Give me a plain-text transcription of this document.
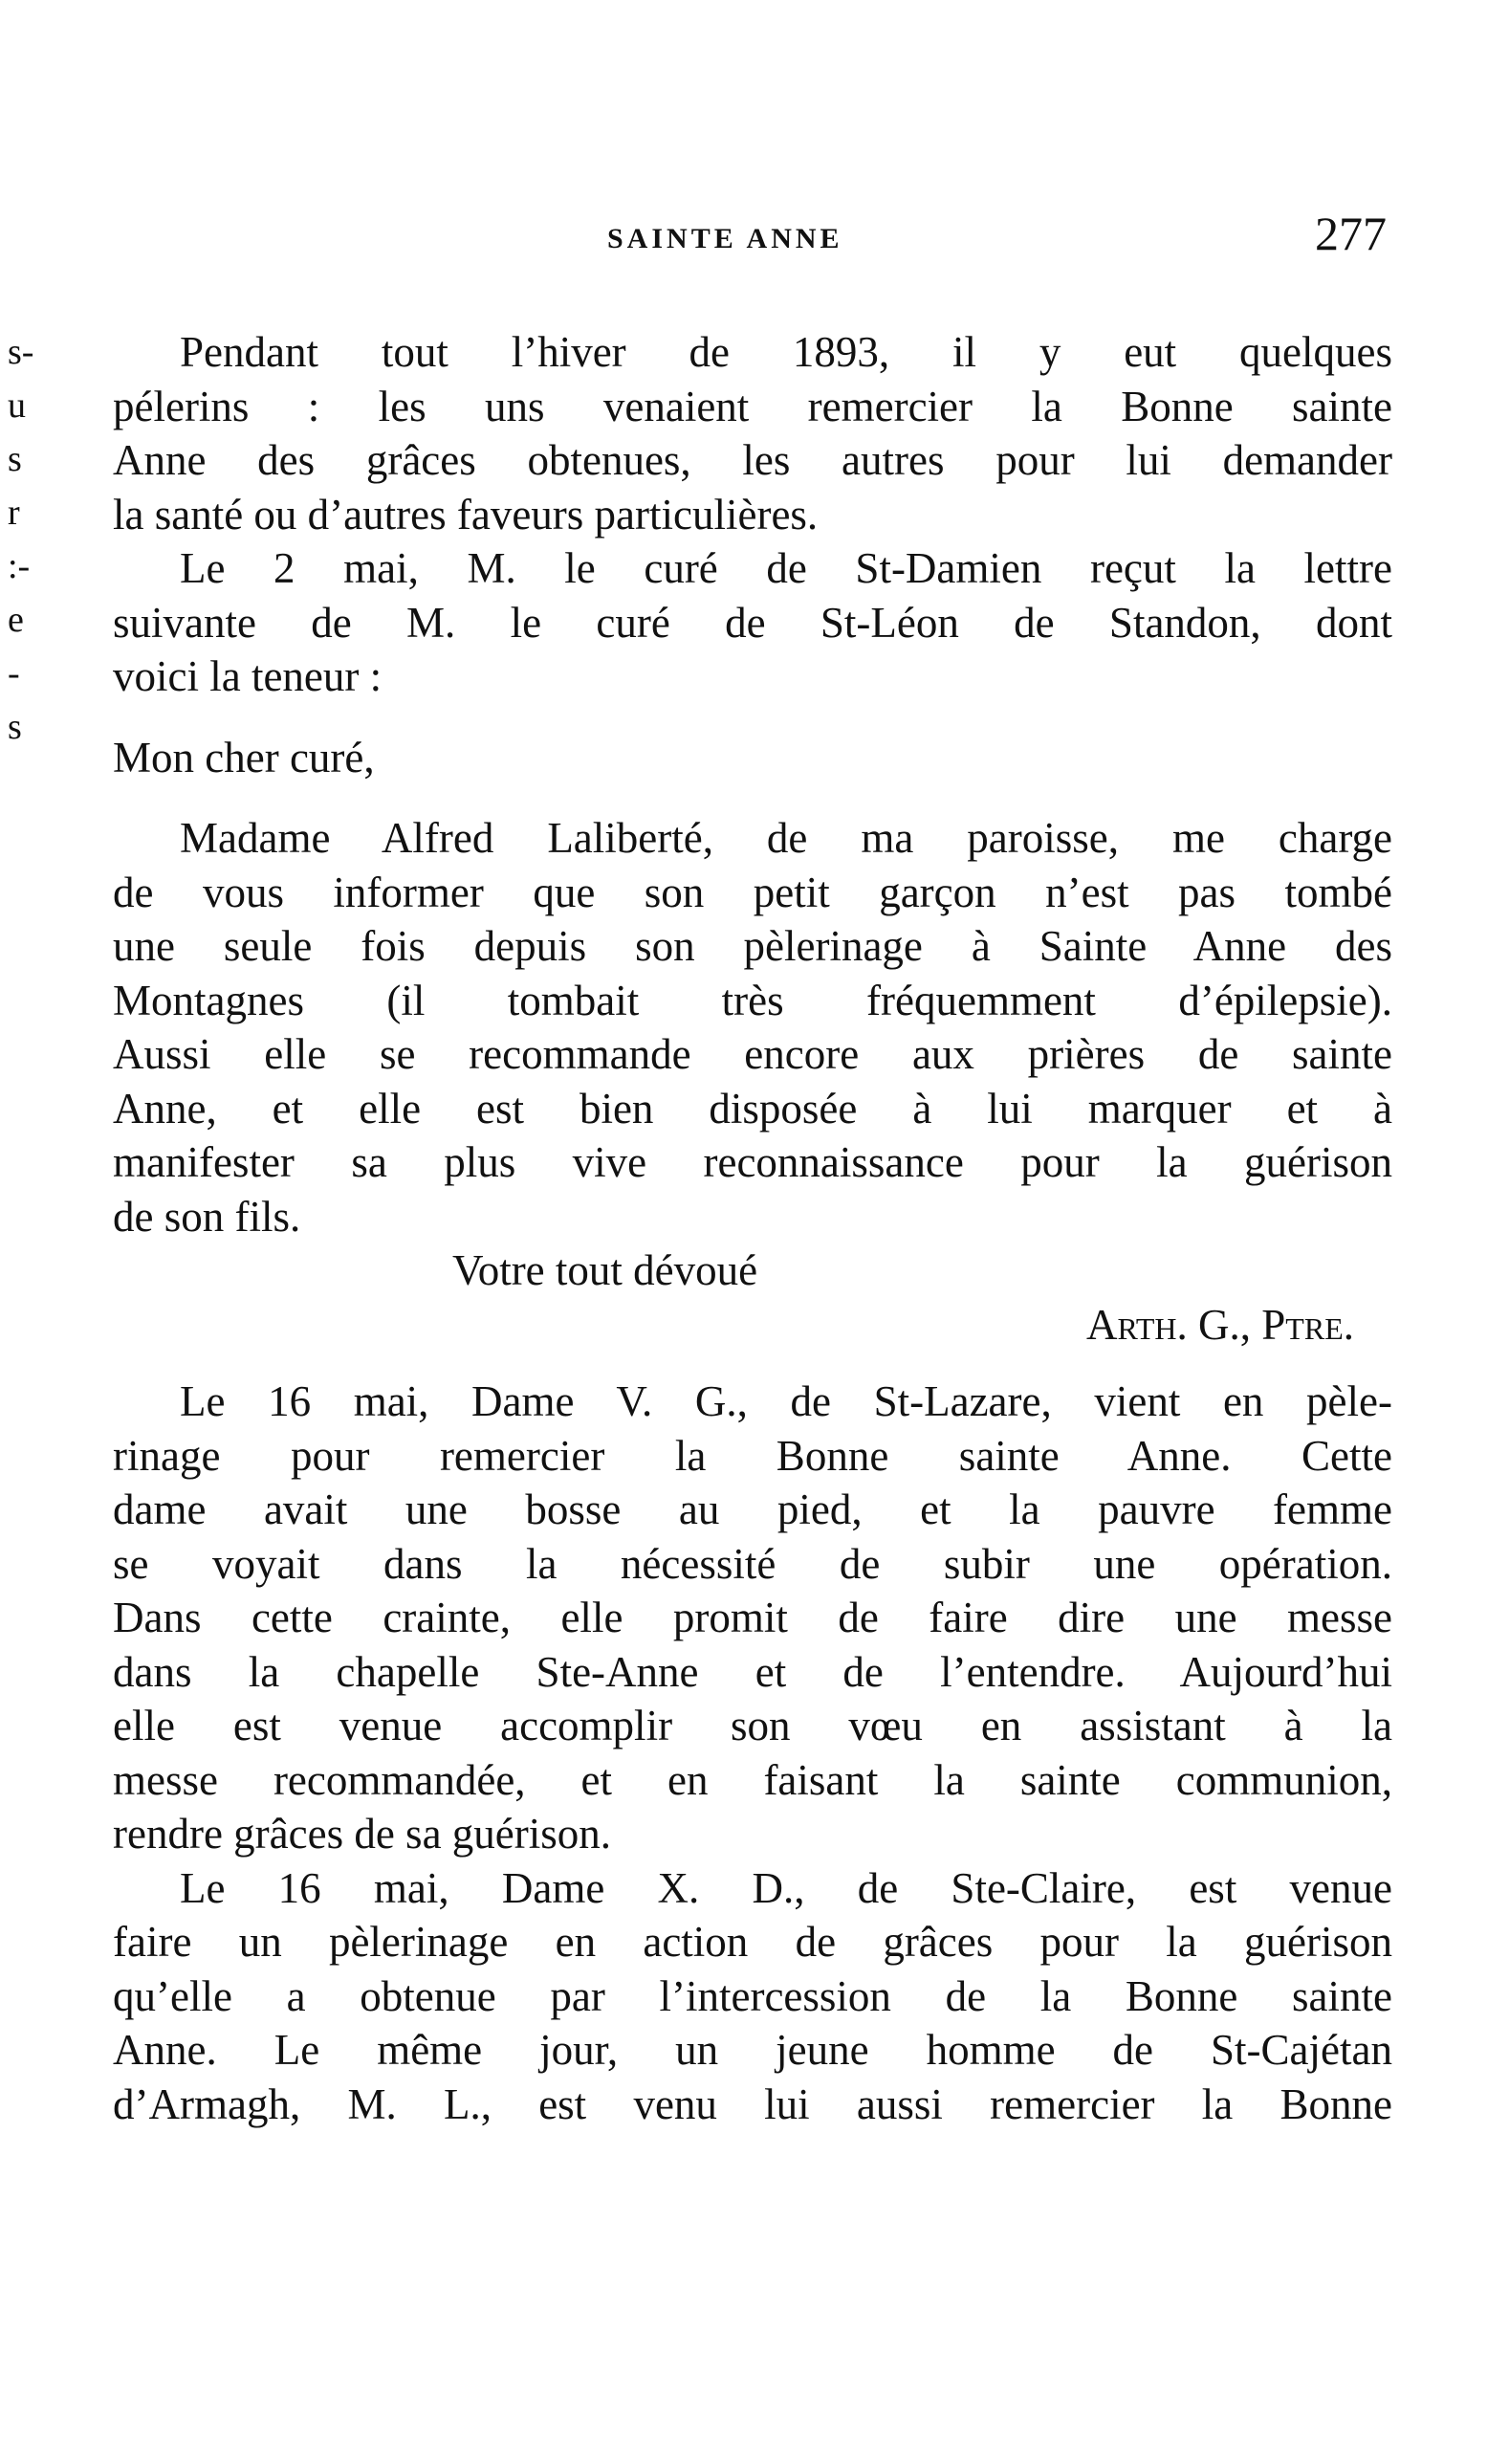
SAINTE ANNE	277
s-
u
s
r
:-
e
-
s

Pendant tout l’hiver de 1893, il y eut quelques
pélerins : les uns venaient remercier la Bonne sainte
Anne des grâces obtenues, les autres pour lui demander
la santé ou d’autres faveurs particulières.

Le 2 mai, M. le curé de St-Damien reçut la lettre
suivante de M. le curé de St-Léon de Standon, dont
voici la teneur :

Mon cher curé,

Madame Alfred Laliberté, de ma paroisse, me charge
de vous informer que son petit garçon n’est pas tombé
une seule fois depuis son pèlerinage à Sainte Anne des
Montagnes (il tombait très fréquemment d’épilepsie).
Aussi elle se recommande encore aux prières de sainte
Anne, et elle est bien disposée à lui marquer et à
manifester sa plus vive reconnaissance pour la guérison
de son fils.

Votre tout dévoué

Arth. G., Ptre.

Le 16 mai, Dame V. G., de St-Lazare, vient en pèle-
rinage pour remercier la Bonne sainte Anne. Cette
dame avait une bosse au pied, et la pauvre femme
se voyait dans la nécessité de subir une opération.
Dans cette crainte, elle promit de faire dire une messe
dans la chapelle Ste-Anne et de l’entendre. Aujourd’hui
elle est venue accomplir son vœu en assistant à la
messe recommandée, et en faisant la sainte communion,
rendre grâces de sa guérison.

Le 16 mai, Dame X. D., de Ste-Claire, est venue
faire un pèlerinage en action de grâces pour la guérison
qu’elle a obtenue par l’intercession de la Bonne sainte
Anne. Le même jour, un jeune homme de St-Cajétan
d’Armagh, M. L., est venu lui aussi remercier la Bonne
